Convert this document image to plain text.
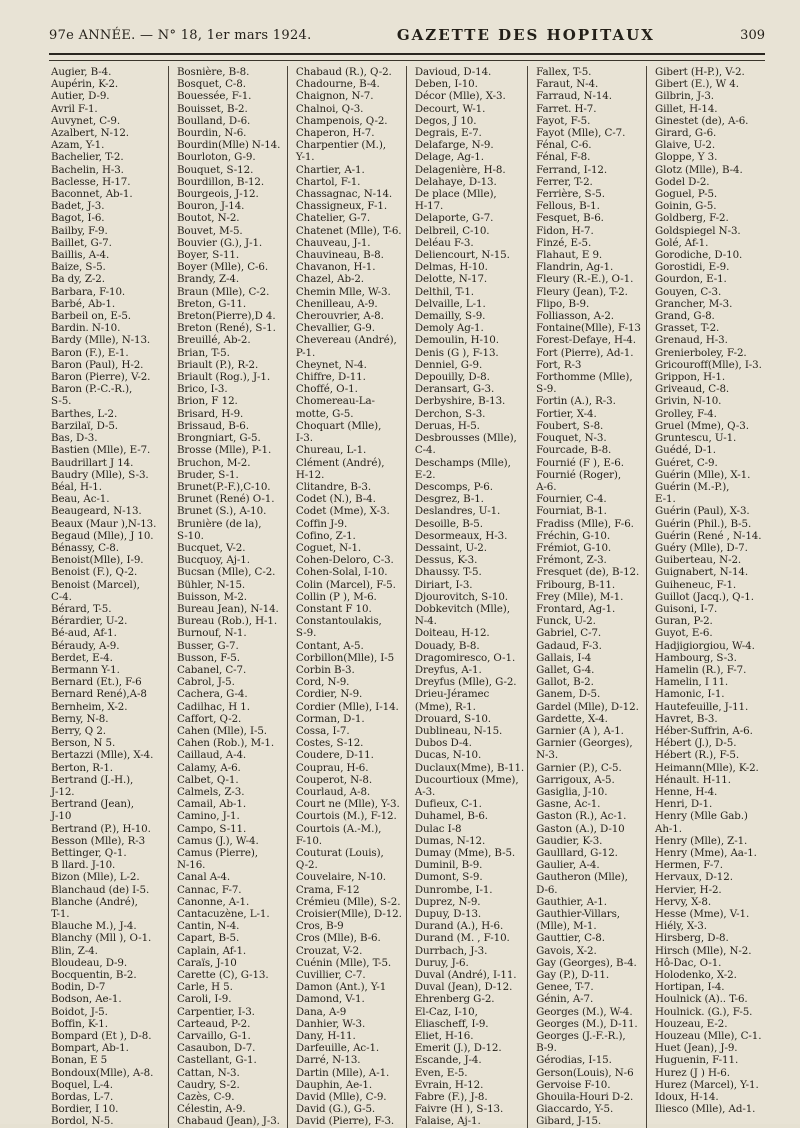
97e ANNÉE. — N° 18, 1er mars 1924.	GAZETTE DES HOPITAUX	309
Augier, B-4.
Aupérin, K-2.
Autier, D-9.
Avril F-1.
Auvynet, C-9.
Azalbert, N-12.
Azam, Y-1.
Bachelier, T-2.
Bachelin, H-3.
Baclesse, H-17.
Baconnet, Ab-1.
Badet, J-3.
Bagot, I-6.
Bailby, F-9.
Baillet, G-7.
Baillis, A-4.
Baize, S-5.
Ba dy, Z-2.
Barbara, F-10.
Barbé, Ab-1.
Barbeil on, E-5.
Bardin. N-10.
Bardy (Mlle), N-13.
Baron (F.), E-1.
Baron (Paul), H-2.
Baron (Pierre), V-2.
Baron (P.-C.-R.),
S-5.
Barthes, L-2.
Barzilaï, D-5.
Bas, D-3.
Bastien (Mlle), E-7.
Baudrillart J 14.
Baudry (Mlle), S-3.
Béal, H-1.
Beau, Ac-1.
Beaugeard, N-13.
Beaux (Maur ),N-13.
Begaud (Mlle), J 10.
Bénassy, C-8.
Benoist(Mlle), I-9.
Benoist (F.), Q-2.
Benoist (Marcel),
C-4.
Bérard, T-5.
Bérardier, U-2.
Bé-aud, Af-1.
Béraudy, A-9.
Berdet, E-4.
Bermann Y-1.
Bernard (Et.), F-6
Bernard René),A-8
Bernheim, X-2.
Berny, N-8.
Berry, Q 2.
Berson, N 5.
Bertazzi (Mlle), X-4.
Berton, R-1.
Bertrand (J.-H.),
J-12.
Bertrand (Jean),
J-10
Bertrand (P.), H-10.
Besson (Mlle), R-3
Bettinger, Q-1.
B llard. J-10.
Bizon (Mlle), L-2.
Blanchaud (de) I-5.
Blanche (André),
T-1.
Blauche M.), J-4.
Blanchy (Mll ), O-1.
Blin, Z-4.
Bloudeau, D-9.
Bocquentin, B-2.
Bodin, D-7
Bodson, Ae-1.
Boidot, J-5.
Boffin, K-1.
Bompard (Et ), D-8.
Bompart, Ab-1.
Bonan, E 5
Bondoux(Mlle), A-8.
Boquel, L-4.
Bordas, L-7.
Bordier, I 10.
Bordol, N-5.
Bosnière, B-8.
Bosquet, C-8.
Bouessée, F-1.
Bouisset, B-2.
Boulland, D-6.
Bourdin, N-6.
Bourdin(Mlle) N-14.
Bourloton, G-9.
Bouquet, S-12.
Bourdillon, B-12.
Bourgeois, J-12.
Bouron, J-14.
Boutot, N-2.
Bouvet, M-5.
Bouvier (G.), J-1.
Boyer, S-11.
Boyer (Mlle), C-6.
Brandy, Z-4.
Braun (Mlle), C-2.
Breton, G-11.
Breton(Pierre),D 4.
Breton (René), S-1.
Breuillé, Ab-2.
Brian, T-5.
Briault (P.), R-2.
Briault (Rog.), J-1.
Brico, I-3.
Brion, F 12.
Brisard, H-9.
Brissaud, B-6.
Brongniart, G-5.
Brosse (Mlle), P-1.
Bruchon, M-2.
Bruder, S-1.
Brunet(P.-F.),C-10.
Brunet (René) O-1.
Brunet (S.), A-10.
Brunière (de la),
S-10.
Bucquet, V-2.
Bucquoy, Aj-1.
Bucsan (Mlle), C-2.
Bühler, N-15.
Buisson, M-2.
Bureau Jean), N-14.
Bureau (Rob.), H-1.
Burnouf, N-1.
Busser, G-7.
Busson, F-5.
Cabanel, C-7.
Cabrol, J-5.
Cachera, G-4.
Cadilhac, H 1.
Caffort, Q-2.
Cahen (Mlle), I-5.
Cahen (Rob.), M-1.
Caillaud, A-4.
Calamy, A-6.
Calbet, Q-1.
Calmels, Z-3.
Camail, Ab-1.
Camino, J-1.
Campo, S-11.
Camus (J.), W-4.
Camus (Pierre),
N-16.
Canal A-4.
Cannac, F-7.
Canonne, A-1.
Cantacuzène, L-1.
Cantin, N-4.
Capart, B-5.
Caplain, Af-1.
Caraïs, J-10
Carette (C), G-13.
Carle, H 5.
Caroli, I-9.
Carpentier, I-3.
Carteaud, P-2.
Carvaillo, G-1.
Casaubon, D-7.
Castellant, G-1.
Cattan, N-3.
Caudry, S-2.
Cazès, C-9.
Célestin, A-9.
Chabaud (Jean), J-3.
Chabaud (R.), Q-2.
Chadourne, B-4.
Chaignon, N-7.
Chalnoi, Q-3.
Champenois, Q-2.
Chaperon, H-7.
Charpentier (M.),
Y-1.
Chartier, A-1.
Chartol, F-1.
Chassagnac, N-14.
Chassigneux, F-1.
Chatelier, G-7.
Chatenet (Mlle), T-6.
Chauveau, J-1.
Chauvineau, B-8.
Chavanon, H-1.
Chazel, Ab-2.
Chemin Mlle, W-3.
Chenilleau, A-9.
Cherouvrier, A-8.
Chevallier, G-9.
Chevereau (André),
P-1.
Cheynet, N-4.
Chiffre, D-11.
Choffé, O-1.
Chomereau-La-
motte, G-5.
Choquart (Mlle),
I-3.
Chureau, L-1.
Clément (André),
H-12.
Clitandre, B-3.
Codet (N.), B-4.
Codet (Mme), X-3.
Coffin J-9.
Cofino, Z-1.
Coguet, N-1.
Cohen-Deloro, C-3.
Cohen-Solal, I-10.
Colin (Marcel), F-5.
Collin (P ), M-6.
Constant F 10.
Constantoulakis,
S-9.
Contant, A-5.
Corbillon(Mlle), I-5
Corbin B-3.
Cord, N-9.
Cordier, N-9.
Cordier (Mlle), I-14.
Corman, D-1.
Cossa, I-7.
Costes, S-12.
Coudere, D-11.
Couprau, H-6.
Couperot, N-8.
Courlaud, A-8.
Court ne (Mlle), Y-3.
Courtois (M.), F-12.
Courtois (A.-M.),
F-10.
Couturat (Louis),
Q-2.
Couvelaire, N-10.
Crama, F-12
Crémieu (Mlle), S-2.
Croisier(Mlle), D-12.
Cros, B-9
Cros (Mlle), B-6.
Crouzat, V-2.
Cuénin (Mlle), T-5.
Cuvillier, C-7.
Damon (Ant.), Y-1
Damond, V-1.
Dana, A-9
Danhier, W-3.
Dany, H-11.
Darfeuille, Ac-1.
Darré, N-13.
Dartin (Mlle), A-1.
Dauphin, Ae-1.
David (Mlle), C-9.
David (G.), G-5.
David (Pierre), F-3.
Davioud, D-14.
Deben, I-10.
Décor (Mlle), X-3.
Decourt, W-1.
Degos, J 10.
Degrais, E-7.
Delafarge, N-9.
Delage, Ag-1.
Delagenière, H-8.
Delahaye, D-13.
De place (Mlle),
H-17.
Delaporte, G-7.
Delbreil, C-10.
Deléau F-3.
Deliencourt, N-15.
Delmas, H-10.
Delotte, N-17.
Delthil, T-1.
Delvaille, L-1.
Demailly, S-9.
Demoly Ag-1.
Demoulin, H-10.
Denis (G ), F-13.
Denniel, G-9.
Depouilly, D-8.
Deransart, G-3.
Derbyshire, B-13.
Derchon, S-3.
Deruas, H-5.
Desbrousses (Mlle),
C-4.
Deschamps (Mlle),
E-2.
Descomps, P-6.
Desgrez, B-1.
Deslandres, U-1.
Desoille, B-5.
Desormeaux, H-3.
Dessaint, U-2.
Dessus, K-3.
Dhaussy. T-5.
Diriart, I-3.
Djourovitch, S-10.
Dobkevitch (Mlle),
N-4.
Doiteau, H-12.
Douady, B-8.
Dragomiresco, O-1.
Dreyfus, A-1.
Dreyfus (Mlle), G-2.
Drieu-Jéramec
(Mme), R-1.
Drouard, S-10.
Dublineau, N-15.
Dubos D-4.
Ducas, N-10.
Duclaux(Mme), B-11.
Ducourtioux (Mme),
A-3.
Dufieux, C-1.
Duhamel, B-6.
Dulac I-8
Dumas, N-12.
Dumay (Mme), B-5.
Duminil, B-9.
Dumont, S-9.
Dunrombe, I-1.
Duprez, N-9.
Dupuy, D-13.
Durand (A.), H-6.
Durand (M. , F-10.
Durrbach, J-3.
Duruy, J-6.
Duval (André), I-11.
Duval (Jean), D-12.
Ehrenberg G-2.
El-Caz, I-10,
Eliascheff, I-9.
Eliet, H-16.
Emerit (J.), D-12.
Escande, J-4.
Even, E-5.
Evrain, H-12.
Fabre (F.), J-8.
Faivre (H ), S-13.
Falaise, Aj-1.
Fallex, T-5.
Faraut, N-4.
Farraud, N-14.
Farret. H-7.
Fayot, F-5.
Fayot (Mlle), C-7.
Fénal, C-6.
Fénal, F-8.
Ferrand, I-12.
Ferrer, T-2.
Ferrière, S-5.
Fellous, B-1.
Fesquet, B-6.
Fidon, H-7.
Finzé, E-5.
Flahaut, E 9.
Flandrin, Ag-1.
Fleury (R.-E.), O-1.
Fleury (Jean), T-2.
Flipo, B-9.
Folliasson, A-2.
Fontaine(Mlle), F-13
Forest-Defaye, H-4.
Fort (Pierre), Ad-1.
Fort, R-3
Forthomme (Mlle),
S-9.
Fortin (A.), R-3.
Fortier, X-4.
Foubert, S-8.
Fouquet, N-3.
Fourcade, B-8.
Fournié (F ), E-6.
Fournié (Roger),
A-6.
Fournier, C-4.
Fourniat, B-1.
Fradiss (Mlle), F-6.
Fréchin, G-10.
Frémiot, G-10.
Frémont, Z-3.
Fresquet (de), B-12.
Fribourg, B-11.
Frey (Mlle), M-1.
Frontard, Ag-1.
Funck, U-2.
Gabriel, C-7.
Gadaud, F-3.
Gallais, I-4
Gallet, G-4.
Gallot, B-2.
Ganem, D-5.
Gardel (Mlle), D-12.
Gardette, X-4.
Garnier (A ), A-1.
Garnier (Georges),
N-3.
Garnier (P.), C-5.
Garrigoux, A-5.
Gasiglia, J-10.
Gasne, Ac-1.
Gaston (R.), Ac-1.
Gaston (A.), D-10
Gaudier, K-3.
Gaulllard, G-12.
Gaulier, A-4.
Gautheron (Mlle),
D-6.
Gauthier, A-1.
Gauthier-Villars,
(Mlle), M-1.
Gauttier, C-8.
Gavois, X-2.
Gay (Georges), B-4.
Gay (P.), D-11.
Genee, T-7.
Génin, A-7.
Georges (M.), W-4.
Georges (M.), D-11.
Georges (J.-F.-R.),
B-9.
Gérodias, I-15.
Gerson(Louis), N-6
Gervoise F-10.
Ghouila-Houri D-2.
Giaccardo, Y-5.
Gibard, J-15.
Gibert (H-P.), V-2.
Gibert (E.), W 4.
Gilbrin, J-3.
Gillet, H-14.
Ginestet (de), A-6.
Girard, G-6.
Glaive, U-2.
Gloppe, Y 3.
Glotz (Mlle), B-4.
Godel D-2.
Goguel, P-5.
Goinin, G-5.
Goldberg, F-2.
Goldspiegel N-3.
Golé, Af-1.
Gorodiche, D-10.
Gorostidi, E-9.
Gourdon, E-1.
Gouyen, C-3.
Grancher, M-3.
Grand, G-8.
Grasset, T-2.
Grenaud, H-3.
Grenierboley, F-2.
Gricouroff(Mlle), I-3.
Grippon, H-1.
Griveaud, C-8.
Grivin, N-10.
Grolley, F-4.
Gruel (Mme), Q-3.
Gruntescu, U-1.
Guédé, D-1.
Guéret, C-9.
Guérin (Mlle), X-1.
Guérin (M.-P.),
E-1.
Guérin (Paul), X-3.
Guérin (Phil.), B-5.
Guérin (René , N-14.
Guéry (Mlle), D-7.
Guiberteau, N-2.
Guignabert, N-14.
Guiheneuc, F-1.
Guillot (Jacq.), Q-1.
Guisoni, I-7.
Guran, P-2.
Guyot, E-6.
Hadjigiorgiou, W-4.
Hambourg, S-3.
Hamelin (R.), F-7.
Hamelin, I 11.
Hamonic, I-1.
Hautefeuille, J-11.
Havret, B-3.
Héber-Suffrin, A-6.
Hébert (J.), D-5.
Hébert (R.), F-5.
Heimann(Mlle), K-2.
Hénault. H-11.
Henne, H-4.
Henri, D-1.
Henry (Mlle Gab.)
Ah-1.
Henry (Mlle), Z-1.
Henry (Mme), Aa-1.
Hermen, F-7.
Hervaux, D-12.
Hervier, H-2.
Hervy, X-8.
Hesse (Mme), V-1.
Hiély, X-3.
Hirsberg, D-8.
Hirsch (Mlle), N-2.
Hô-Dac, O-1.
Holodenko, X-2.
Hortipan, I-4.
Houlnick (A).. T-6.
Houlnick. (G.), F-5.
Houzeau, E-2.
Houzeau (Mlle), C-1.
Huet (Jean), J-9.
Huguenin, F-11.
Hurez (J ) H-6.
Hurez (Marcel), Y-1.
Idoux, H-14.
Iliesco (Mlle), Ad-1.
